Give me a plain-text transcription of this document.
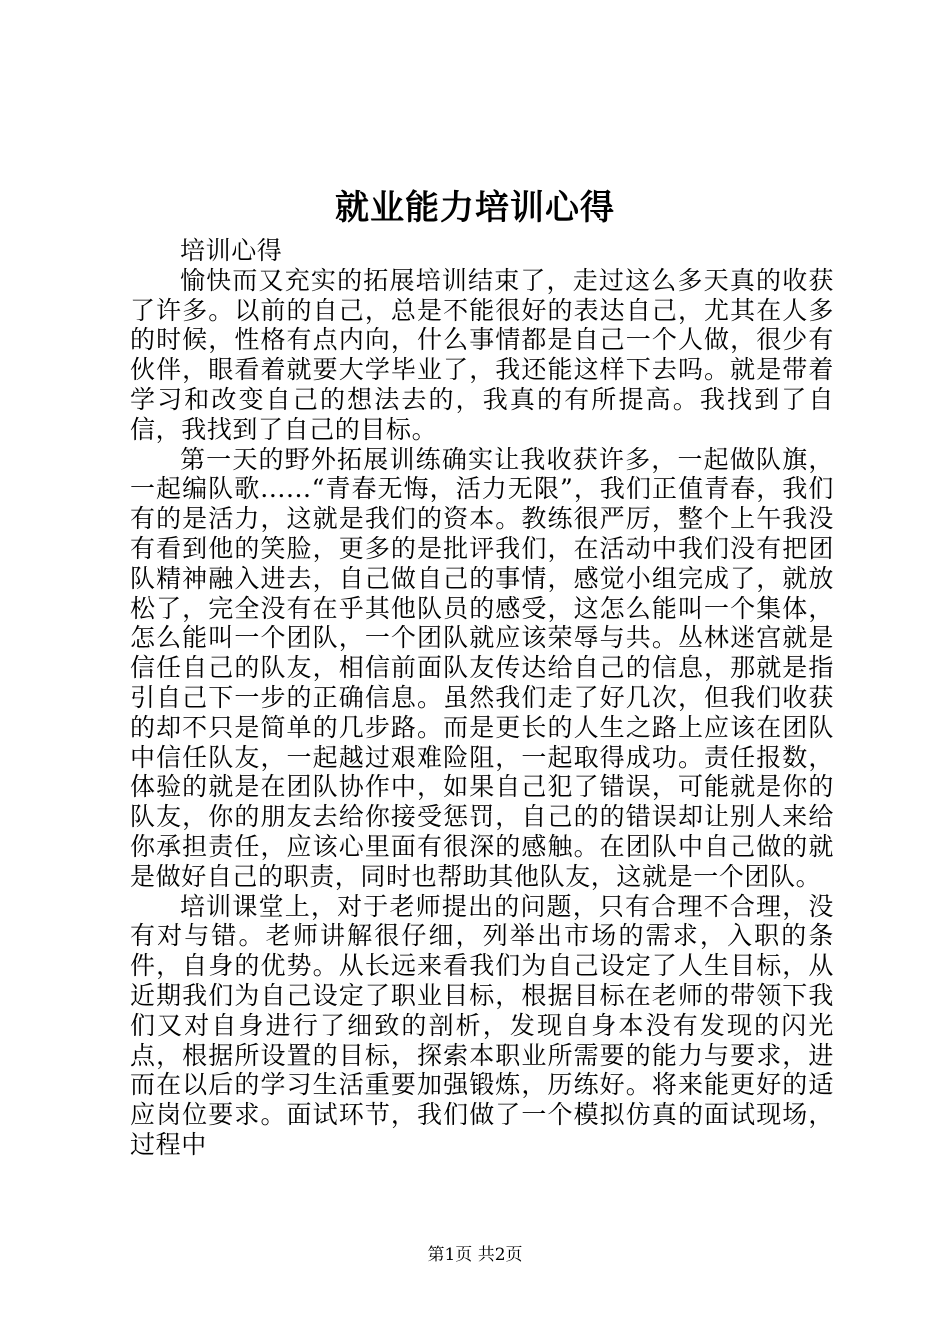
就业能力培训心得

培训心得

愉快而又充实的拓展培训结束了，走过这么多天真的收获了许多。以前的自己，总是不能很好的表达自己，尤其在人多的时候，性格有点内向，什么事情都是自己一个人做，很少有伙伴，眼看着就要大学毕业了，我还能这样下去吗。就是带着学习和改变自己的想法去的，我真的有所提高。我找到了自信，我找到了自己的目标。

第一天的野外拓展训练确实让我收获许多，一起做队旗，一起编队歌......“青春无悔，活力无限”，我们正值青春，我们有的是活力，这就是我们的资本。教练很严厉，整个上午我没有看到他的笑脸，更多的是批评我们，在活动中我们没有把团队精神融入进去，自己做自己的事情，感觉小组完成了，就放松了，完全没有在乎其他队员的感受，这怎么能叫一个集体，怎么能叫一个团队，一个团队就应该荣辱与共。丛林迷宫就是信任自己的队友，相信前面队友传达给自己的信息，那就是指引自己下一步的正确信息。虽然我们走了好几次，但我们收获的却不只是简单的几步路。而是更长的人生之路上应该在团队中信任队友，一起越过艰难险阻，一起取得成功。责任报数，体验的就是在团队协作中，如果自己犯了错误，可能就是你的队友，你的朋友去给你接受惩罚，自己的的错误却让别人来给你承担责任，应该心里面有很深的感触。在团队中自己做的就是做好自己的职责，同时也帮助其他队友，这就是一个团队。

培训课堂上，对于老师提出的问题，只有合理不合理，没有对与错。老师讲解很仔细，列举出市场的需求，入职的条件，自身的优势。从长远来看我们为自己设定了人生目标，从近期我们为自己设定了职业目标，根据目标在老师的带领下我们又对自身进行了细致的剖析，发现自身本没有发现的闪光点，根据所设置的目标，探索本职业所需要的能力与要求，进而在以后的学习生活重要加强锻炼，历练好。将来能更好的适应岗位要求。面试环节，我们做了一个模拟仿真的面试现场，过程中

第1页 共2页
